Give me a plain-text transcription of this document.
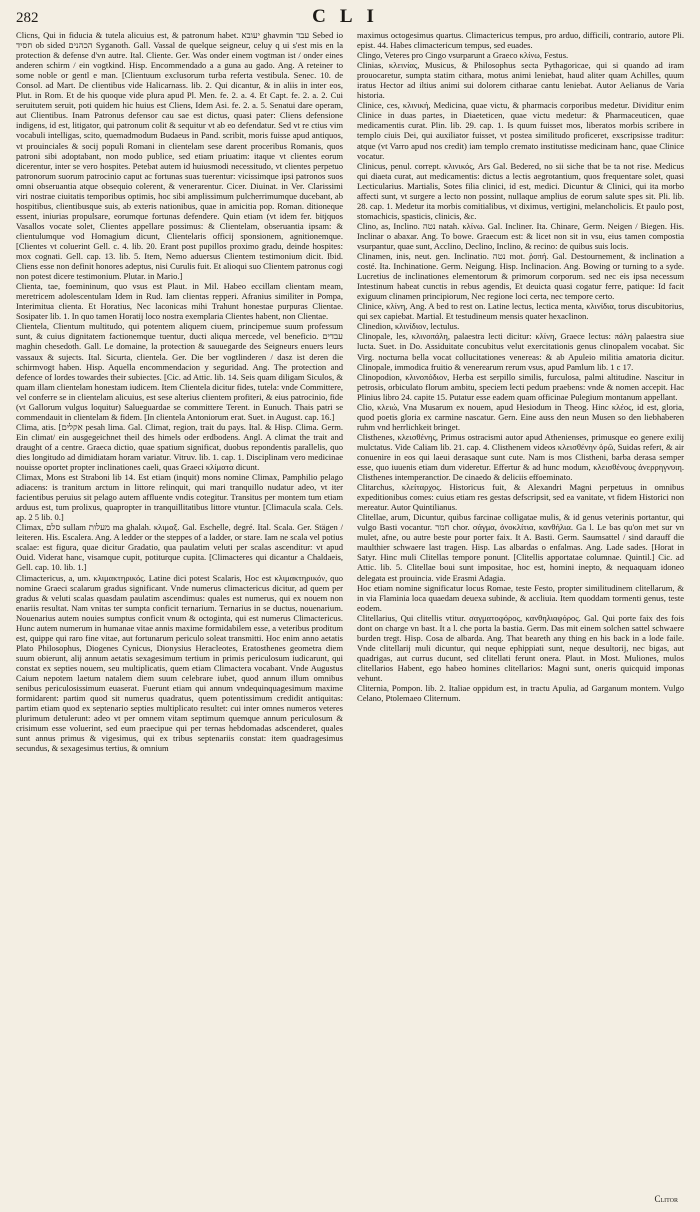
282	CLI

Clicns, Qui in fiducia & tutela alicuius est, & patronum habet. יעובא ghavmin עבד Sebed io חסיד ob sided הכהנים Syganoth. Gall. Vassal de quelque seigneur, celuy q ui s'est mis en la protection & defense d'vn autre. Ital. Cliente. Ger. Was onder einem vogtman ist / onder eines anderen schirm / ein vogtkind. Hisp. Encommendado a a guna au gado. Ang. A reteiner to some noble or gentl e man. [Clientuum exclusorum turba referta vestibula. Senec. 10. de Consol. ad Mart. De clientibus vide Halicarnass. lib. 2. Qui dicantur, & in aliis in inter eos, Plut. in Rom. Et de his quoque vide plura apud Pl. Men. fe. 2. a. 4. Et Capt. fe. 2. a. 2. Cui seruitutem seruit, poti quidem hic huius est Cliens, Idem Asi. fe. 2. a. 5. Senatui dare operam, aut Clientibus. Inam Patronus defensor cau sae est dictus, quasi pater: Cliens defensione indigens, id est, litigator, qui patronum colit & sequitur vt ab eo defendatur. Sed vt re ctius vim vocabuli intelligas, scito, quemadmodum Budaeus in Pand. scribit, moris fuisse apud antiquos, vt prouinciales & socij populi Romani in clientelam sese darent proceribus Romanis, quos patroni sibi adoptabant, non modo publice, sed etiam priuatim: itaque vt clientes eorum dicerentur, inter se vero hospites. Petebat autem id huiusmodi necessitudo, vt clientes perpetuo patronorum suorum patrocinio caput ac fortunas suas tuerentur: vicissimque ipsi patronos suos omni obseruantia atque obsequio colerent, & venerarentur. Cicer. Diuinat. in Ver. Clarissimi viri nostrae ciuitatis temporibus optimis, hoc sibi amplissimum pulcherrimumque ducebant, ab hospitibus, clientibusque suis, ab exteris nationibus, quae in amicitia pop. Roman. ditioneque essent, iniurias propulsare, eorumque fortunas defendere. Quin etiam (vt idem fer. bitjquos Vasallos vocate solet, Clientes appellare possimus: & Clientelam, obseruantia ipsam: & clientulumque vod Homagium dicunt, Clientelaris officij sponsionem, agnitionemque. [Clientes vt coluerint Gell. c. 4. lib. 20. Erant post pupillos proximo gradu, deinde hospites: mox cognati. Gell. cap. 13. lib. 5. Item, Nemo aduersus Clientem testimonium dicit. Ibid. Cliens esse non definit honores adeptus, nisi Curulis fuit. Et alioqui suo Clientem patronus cogi non potest dicere testimonium. Plutar. in Mario.]

Clienta, tae, foemininum, quo vsus est Plaut. in Mil. Habeo eccillam clientam meam, meretricem adolescentulam Idem in Rud. Iam clientas repperi. Afranius similiter in Pompa, Interimitua clienta. Et Horatius, Nec laconicas mihi Trahunt honestae purpuras Clientae. Sosipater lib. 1. In quo tamen Horatij loco nostra exemplaria Clientes habent, non Clientae.

Clientela, Clientum multitudo, qui potentem aliquem ciuem, principemue suum professum sunt, & cuius dignitatem factionemque tuentur, ducti aliqua mercede, vel beneficio. עבדים maghin chesedoth. Gall. Le domaine, la protection & sauuegarde des Seigneurs enuers leurs vassaux & sujects. Ital. Sicurta, clientela. Ger. Die ber vogtlinderen / dasz ist deren die schirmvogt haben. Hisp. Aquella encommendacion y seguridad. Ang. The protection and defence of lordes towardes their subiectes. [Cic. ad Attic. lib. 14. Seis quam diligam Siculos, & quam illam clientelam honestam iudicem. Item Clientela dicitur fides, tutela: vnde Committere, vel conferre se in clientelam alicuius, est sese alterius clientem profiteri, & eius patrocinio, fide (vt Gallorum vulgus loquitur) Salueguardae se committere Terent. in Eunuch. Thais patri se commendauit in clientelam & fidem. [In clientela Antoniorum erat. Suet. in August. cap. 16.]

Clima, atis. [אקלים pesah lima. Gal. Climat, region, trait du pays. Ital. & Hisp. Clima. Germ. Ein climat/ ein ausgegeichnet theil des himels oder erdbodens. Angl. A climat the trait and draught of a centre. Graeca dictio, quae spatium significat, duobus repondentis parallelis, quo dies longitudo ad dimidiatam horam variatur. Vitruv. lib. 1. cap. 1. Disciplinam vero medicinae nouisse oportet propter inclinationes caeli, quas Graeci κλίματα dicunt.

Climax, Mons est Straboni lib 14. Est etiam (inquit) mons nomine Climax, Pamphilio pelago adiacens: is tranitum arctum in littore relinquit, qui mari tranquillo nudatur adeo, vt iter facientibus peruius sit pelago autem affluente vndis cotegitur. Transitus per montem tum etiam arduus est, tum prolixus, quapropter in tranquillitatibus littore vtuntur. [Climacula scala. Cels. ap. 2 5 lib. 0.]

Climax, סלם sullam מעלות ma ghalah. κλιμαξ. Gal. Eschelle, degré. Ital. Scala. Ger. Stägen / leiteren. His. Escalera. Ang. A ledder or the steppes of a ladder, or stare. Iam ne scala vel potius scalae: est figura, quae dicitur Gradatio, qua paulatim veluti per scalas ascenditur: vt apud Ouid. Viderat hanc, visamque cupit, potiturque cupita. [Climacteres qui dicantur a Chaldaeis, Gell. cap. 10. lib. 1.]

Climactericus, a, um. κλιμακτηρικός. Latine dici potest Scalaris, Hoc est κλιμακτηρικόν, quo nomine Graeci scalarum gradus significant. Vnde numerus climactericus dicitur, ad quem per gradus & veluti scalas quasdam paulatim ascendimus: quales est numerus, qui ex nouem non enariis resultat. Nam vnitas ter sumpta conficit ternarium. Ternarius in se ductus, nouenarium. Nouenarius autem nouies sumptus conficit vnum & octoginta, qui est numerus Climactericus. Hunc autem numerum in humanae vitae annis maxime formidabilem esse, a veteribus proditum est, quippe qui raro fine vitae, aut fortunarum periculo soleat transmitti. Hoc enim anno aetatis Plato Philosophus, Diogenes Cynicus, Dionysius Heracleotes, Eratosthenes geometra diem suum obierunt, alij annum aetatis sexagesimum tertium in primis periculosum iudicarunt, qui constat ex septies nouem, seu multiplicatis, quem etiam Climactera vocabant. Vnde Augustus Caium nepotem laetum natalem diem suum celebrare iubet, quod annum illum omnibus senibus periculosissimum euaserat. Fuerunt etiam qui annum vndequinquagesimum maxime formidarent: partim quod sit numerus quadratus, quem potentissimum credidit antiquitas: partim etiam quod ex septenario septies multiplicato resultet: cui inter omnes numeros veteres plurimum detulerunt: adeo vt per omnem vitam septimum quemque annum periculosum & crisimum esse voluerint, sed eum praecipue qui per ternas hebdomadas adscenderet, quales sunt annus primus & vigesimus, qui ex tribus septenariis constat: item quadragesimus secundus, & sexagesimus tertius, & omnium

maximus octogesimus quartus. Climactericus tempus, pro arduo, difficili, contrario, autore Pli. epist. 44. Habes climactericum tempus, sed euades.

Clingo, Veteres pro Cingo vsurparunt a Graeco κλίνω, Festus.

Clinias, κλεινίας, Musicus, & Philosophus secta Pythagoricae, qui si quando ad iram prouocaretur, sumpta statim cithara, motus animi leniebat, haud aliter quam Achilles, quum iratus Hector ad iltius animi sui dolorem citharae cantu leniebat. Autor Aelianus de Varia historia.

Clinice, ces, κλινική, Medicina, quae victu, & pharmacis corporibus medetur. Dividitur enim Clinice in duas partes, in Diaeteticen, quae victu medetur: & Pharmaceuticen, quae medicamentis curat. Plin. lib. 29. cap. 1. Is quum fuisset mos, liberatos morbis scribere in templo ciuis Dei, qui auxiliator fuisset, vt postea similitudo proficeret, exscripsisse traditur: atque (vt Varro apud nos credit) iam templo cremato institutisse medicinam hanc, quae Clinice vocatur.

Clinicus, penul. corrept. κλινικός, Ars Gal. Bedered, no sii siche that be ta not rise. Medicus qui diaeta curat, aut medicamentis: dictus a lectis aegrotantium, quos frequentare solet, quasi Lecticularius. Martialis, Sotes filia clinici, id est, medici. Dicuntur & Clinici, qui ita morbo affecti sunt, vt surgere a lecto non possint, nullaque amplius de eorum salute spes sit. Pli. lib. 28. cap. 1. Medetur ita morbis comitialibus, vt diximus, vertigini, melancholicis. Et paulo post, stomachicis, spasticis, clinicis, &c.

Clino, as, Inclino. נטה natah. κλίνω. Gal. Incliner. Ita. Chinare, Germ. Neigen / Biegen. His. Inclinar o abaxar. Ang. To bowe. Graecum est: & licet non sit in vsu, eius tamen compostia vsurpantur, quae sunt, Acclino, Declino, Inclino, & recino: de quibus suis locis.

Clinamen, inis, neut. gen. Inclinatio. נטה mot. ῥοπή. Gal. Destournement, & inclination a costé. Ita. Inchinatione. Germ. Neigung. Hisp. Inclinacion. Ang. Bowing or turning to a syde. Lucretius de inclinationes elementorum & primorum corporum. sed nec eis ipsa necessum Intestinum habeat cunctis in rebus agendis, Et deuicta quasi cogatur ferre, patique: Id facit exiguum clinamen principiorum, Nec regione loci certa, nec tempore certo.

Clinice, κλίνη, Ang. A bed to rest on. Latine lectus, lectica menta, κλινίδια, torus discubitorius, qui sex capiebat. Martial. Et testudineum mensis quater hexaclinon.

Clinedion, κλινίδιον, lectulus.

Clinopale, les, κλινοπάλη, palaestra lecti dicitur: κλίνη, Graece lectus: πάλη palaestra siue lucta. Suet. in Do. Assiduitate concubitus velut exercitationis genus clinopalem vocabat. Sic Virg. nocturna bella vocat collucitationes venereas: & ab Apuleio militia amatoria dicitur. Clinopale, immodica fruitio & venerearum rerum vsus, apud Pamlum lib. 1 c 17.

Clinopodion, κλινοπόδιον, Herba est serpillo similis, furculosa, palmi altitudine. Nascitur in petrosis, orbiculato florum ambitu, speciem lecti pedum praebens: vnde & nomen accepit. Hac Plinius libro 24. capite 15. Putatur esse eadem quam officinae Pulegium montanum appellant.

Clio, κλειώ, Vna Musarum ex nouem, apud Hesiodum in Theog. Hinc κλέος, id est, gloria, quod poetis gloria ex carmine nascatur. Gern. Eine auss den neun Musen so den liebhaberen ruhm vnd herrlichkeit bringet.

Clisthenes, κλεισθένης, Primus ostracismi autor apud Athenienses, primusque eo genere exilij mulctatus. Vide Caliam lib. 21. cap. 4. Clisthenem videos κλεισθένην ὁρῶ, Suidas refert, & air conuenire in eos qui laeui derasaque sunt cute. Nam is mos Clistheni, barba derasa semper esse, quo iuuenis etiam dum videretur. Effertur & ad hunc modum, κλεισθένους ἀνερρηγνυιη. Clisthenes intemperanctior. De cinaedo & deliciis effoeminato.

Clitarchus, κλείταρχος. Historicus fuit, & Alexandri Magni perpetuus in omnibus expeditionibus comes: cuius etiam res gestas defscripsit, sed ea vanitate, vt fidem Historici non mereatur. Autor Quintilianus.

Clitellae, arum, Dicuntur, quibus farcinae colligatae mulis, & id genus veterinis portantur, qui vulgo Basti vocantur. חמר chor. σάγμα, ὀνοκλίτια, κανθήλια. Ga l. Le bas qu'on met sur vn mulet, afne, ou autre beste pour porter faix. It A. Basti. Germ. Saumsattel / sind darauff die maulthier schwaere last tragen. Hisp. Las albardas o enfalmas. Ang. Lade sades. [Horat in Satyr. Hinc muli Clitellas tempore ponunt. [Clitellis apportatae columnae. Quintil.] Cic. ad Attic. lib. 5. Clitellae boui sunt impositae, hoc est, homini inepto, & nequaquam idoneo delegata est prouincia. vide Erasmi Adagia.

Hoc etiam nomine significatur locus Romae, teste Festo, propter similitudinem clitellarum, & in via Flaminia loca quaedam deuexa subinde, & accliuia. Item quoddam tormenti genus, teste eodem.

Clitellarius, Qui clitellis vtitur. σαγματοφόρος, κανθηλιαφόρος. Gal. Qui porte faix des fois dont on charge vn bast. It a l. che porta la bastia. Germ. Das mit einem solchen sattel schwaere burden tregt. Hisp. Cosa de albarda. Ang. That beareth any thing en his back in a lode faile. Vnde clitellarij muli dicuntur, qui neque ephippiati sunt, neque desultorij, nec bigas, aut quadrigas, aut currus ducunt, sed clitellati ferunt onera. Plaut. in Most. Muliones, mulos clitellarios Habent, ego habeo homines clitellarios: Magni sunt, oneris quicquid imponas vehunt.

Cliternia, Pompon. lib. 2. Italiae oppidum est, in tractu Apulia, ad Garganum montem. Vulgo Celano, Ptolemaeo Cliternum.

Clitor
